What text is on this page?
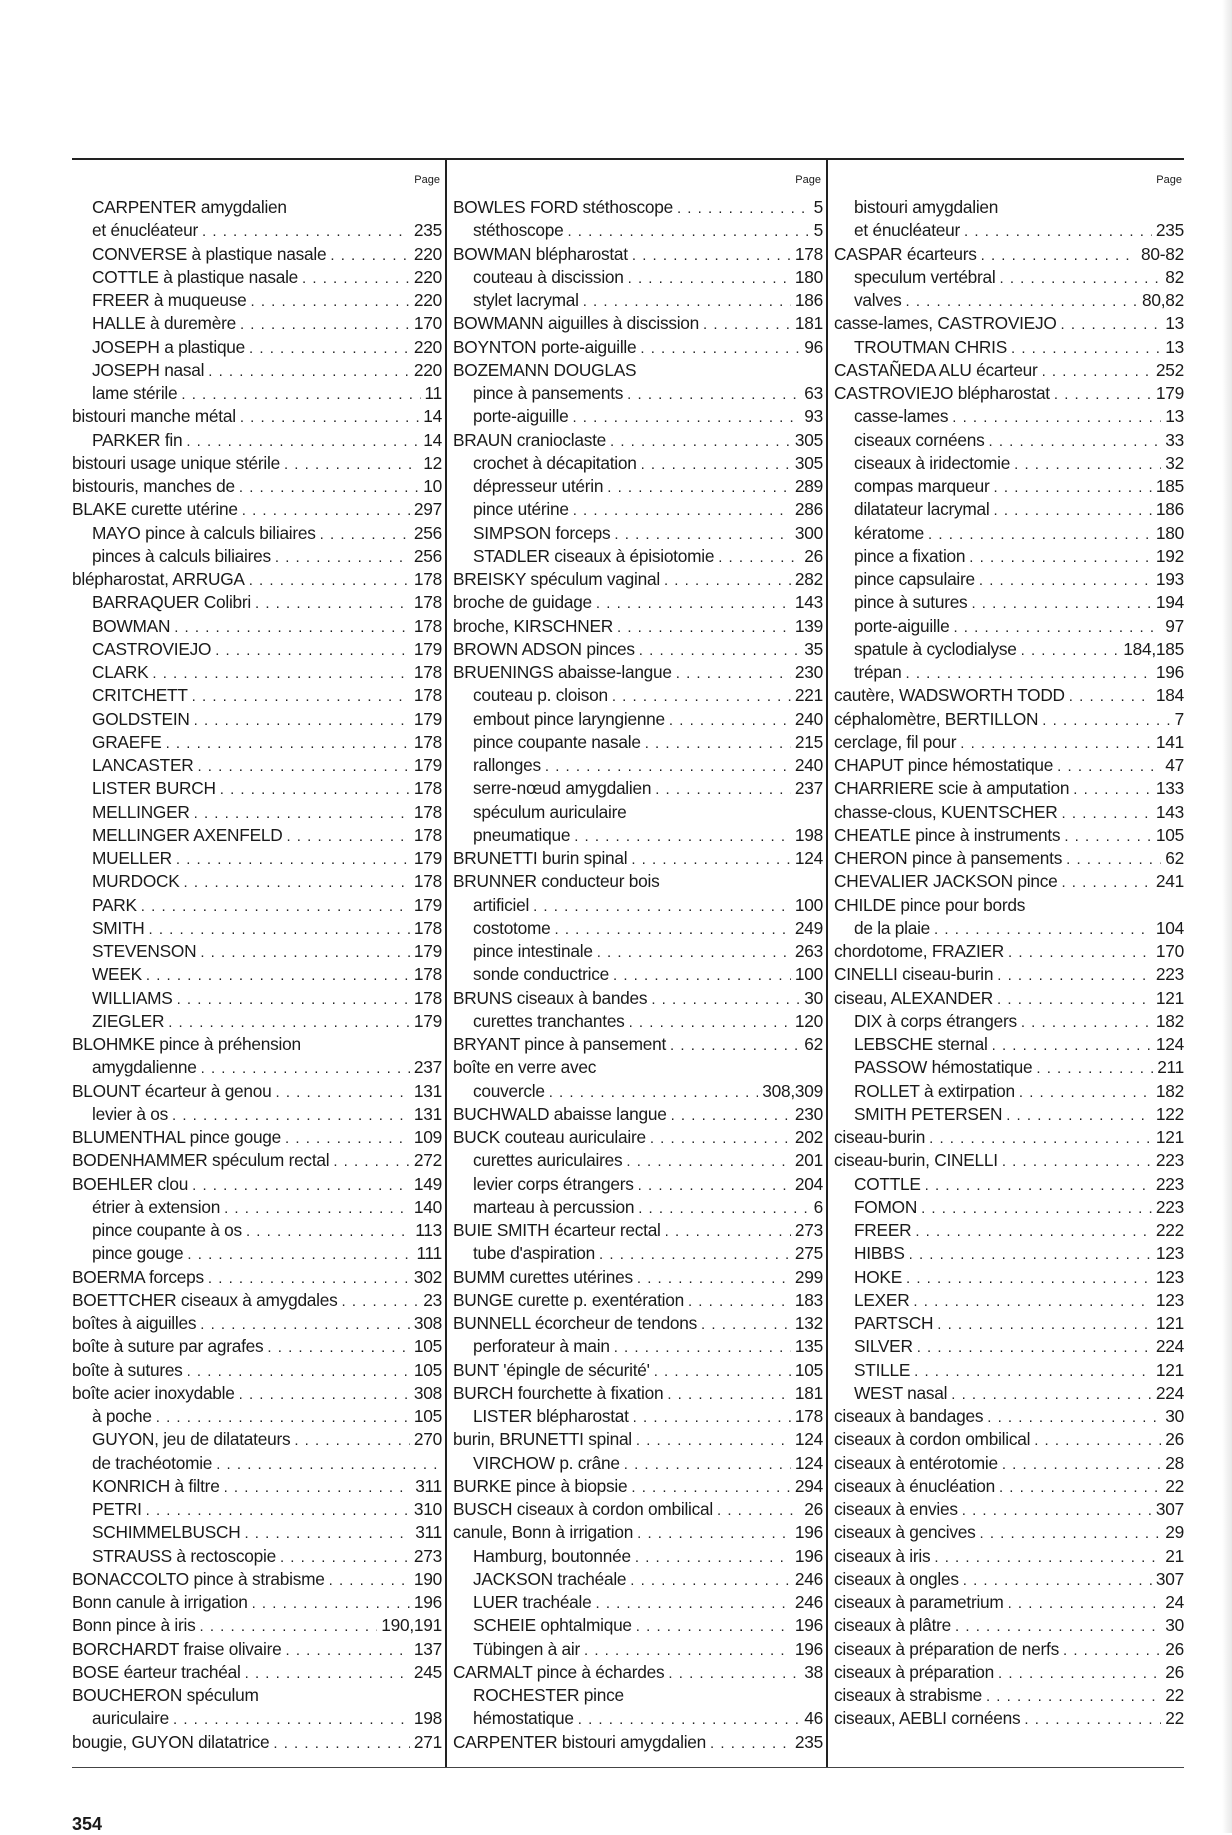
Page
CARPENTER amygdalien
et énucléateur . . .	235
CONVERSE à plastique nasale . . .	220
COTTLE à plastique nasale . . .	220
FREER à muqueuse . . .	220
HALLE à duremère . . .	170
JOSEPH a plastique . . .	220
JOSEPH nasal . . .	220
lame stérile . . .	11
bistouri manche métal . . .	14
PARKER fin . . .	14
bistouri usage unique stérile . . .	12
bistouris, manches de . . .	10
BLAKE curette utérine . . .	297
MAYO pince à calculs biliaires . . .	256
pinces à calculs biliaires . . .	256
blépharostat, ARRUGA . . .	178
BARRAQUER Colibri . . .	178
BOWMAN . . .	178
CASTROVIEJO . . .	179
CLARK . . .	178
CRITCHETT . . .	178
GOLDSTEIN . . .	179
GRAEFE . . .	178
LANCASTER . . .	179
LISTER BURCH . . .	178
MELLINGER . . .	178
MELLINGER AXENFELD . . .	178
MUELLER . . .	179
MURDOCK . . .	178
PARK . . .	179
SMITH . . .	178
STEVENSON . . .	179
WEEK . . .	178
WILLIAMS . . .	178
ZIEGLER . . .	179
BLOHMKE pince à préhension
amygdalienne . . .	237
BLOUNT écarteur à genou . . .	131
levier à os . . .	131
BLUMENTHAL pince gouge . . .	109
BODENHAMMER spéculum rectal . . .	272
BOEHLER clou . . .	149
étrier à extension . . .	140
pince coupante à os . . .	113
pince gouge . . .	111
BOERMA forceps . . .	302
BOETTCHER ciseaux à amygdales . . .	23
boîtes à aiguilles . . .	308
boîte à suture par agrafes . . .	105
boîte à sutures . . .	105
boîte acier inoxydable . . .	308
à poche . . .	105
GUYON, jeu de dilatateurs . . .	270
de trachéotomie
. . .
KONRICH à filtre . . .	311
PETRI . . .	310
SCHIMMELBUSCH . . .	311
STRAUSS à rectoscopie . . .	273
BONACCOLTO pince à strabisme . . .	190
Bonn canule à irrigation . . .	196
Bonn pince à iris . . .	190,191
BORCHARDT fraise olivaire . . .	137
BOSE éarteur trachéal . . .	245
BOUCHERON spéculum
auriculaire . . .	198
bougie, GUYON dilatatrice . . .	271
Page
BOWLES FORD stéthoscope . . .	5
stéthoscope . . .	5
BOWMAN blépharostat . . .	178
couteau à discission . . .	180
stylet lacrymal . . .	186
BOWMANN aiguilles à discission . . .	181
BOYNTON porte-aiguille . . .	96
BOZEMANN DOUGLAS
pince à pansements . . .	63
porte-aiguille . . .	93
BRAUN cranioclaste . . .	305
crochet à décapitation . . .	305
dépresseur utérin . . .	289
pince utérine . . .	286
SIMPSON forceps . . .	300
STADLER ciseaux à épisiotomie . . .	26
BREISKY spéculum vaginal . . .	282
broche de guidage . . .	143
broche, KIRSCHNER . . .	139
BROWN ADSON pinces . . .	35
BRUENINGS abaisse-langue . . .	230
couteau p. cloison . . .	221
embout pince laryngienne . . .	240
pince coupante nasale . . .	215
rallonges . . .	240
serre-nœud amygdalien . . .	237
spéculum auriculaire
pneumatique . . .	198
BRUNETTI burin spinal . . .	124
BRUNNER conducteur bois
artificiel . . .	100
costotome . . .	249
pince intestinale . . .	263
sonde conductrice . . .	100
BRUNS ciseaux à bandes . . .	30
curettes tranchantes . . .	120
BRYANT pince à pansement . . .	62
boîte en verre avec
couvercle . . .	308,309
BUCHWALD abaisse langue . . .	230
BUCK couteau auriculaire . . .	202
curettes auriculaires . . .	201
levier corps étrangers . . .	204
marteau à percussion . . .	6
BUIE SMITH écarteur rectal . . .	273
tube d'aspiration . . .	275
BUMM curettes utérines . . .	299
BUNGE curette p. exentération . . .	183
BUNNELL écorcheur de tendons . . .	132
perforateur à main . . .	135
BUNT 'épingle de sécurité' . . .	105
BURCH fourchette à fixation . . .	181
LISTER blépharostat . . .	178
burin, BRUNETTI spinal . . .	124
VIRCHOW p. crâne . . .	124
BURKE pince à biopsie . . .	294
BUSCH ciseaux à cordon ombilical . . .	26
canule, Bonn à irrigation . . .	196
Hamburg, boutonnée . . .	196
JACKSON trachéale . . .	246
LUER trachéale . . .	246
SCHEIE ophtalmique . . .	196
Tübingen à air . . .	196
CARMALT pince à échardes . . .	38
ROCHESTER pince
hémostatique . . .	46
CARPENTER bistouri amygdalien . . .	235
Page
bistouri amygdalien
et énucléateur . . .	235
CASPAR écarteurs . . .	80-82
speculum vertébral . . .	82
valves . . .	80,82
casse-lames, CASTROVIEJO . . .	13
TROUTMAN CHRIS . . .	13
CASTAÑEDA ALU écarteur . . .	252
CASTROVIEJO blépharostat . . .	179
casse-lames . . .	13
ciseaux cornéens . . .	33
ciseaux à iridectomie . . .	32
compas marqueur . . .	185
dilatateur lacrymal . . .	186
kératome . . .	180
pince a fixation . . .	192
pince capsulaire . . .	193
pince à sutures . . .	194
porte-aiguille . . .	97
spatule à cyclodialyse . . .	184,185
trépan . . .	196
cautère, WADSWORTH TODD . . .	184
céphalomètre, BERTILLON . . .	7
cerclage, fil pour . . .	141
CHAPUT pince hémostatique . . .	47
CHARRIERE scie à amputation . . .	133
chasse-clous, KUENTSCHER . . .	143
CHEATLE pince à instruments . . .	105
CHERON pince à pansements . . .	62
CHEVALIER JACKSON pince . . .	241
CHILDE pince pour bords
de la plaie . . .	104
chordotome, FRAZIER . . .	170
CINELLI ciseau-burin . . .	223
ciseau, ALEXANDER . . .	121
DIX à corps étrangers . . .	182
LEBSCHE sternal . . .	124
PASSOW hémostatique . . .	211
ROLLET à extirpation . . .	182
SMITH PETERSEN . . .	122
ciseau-burin . . .	121
ciseau-burin, CINELLI . . .	223
COTTLE . . .	223
FOMON . . .	223
FREER . . .	222
HIBBS . . .	123
HOKE . . .	123
LEXER . . .	123
PARTSCH . . .	121
SILVER . . .	224
STILLE . . .	121
WEST nasal . . .	224
ciseaux à bandages . . .	30
ciseaux à cordon ombilical . . .	26
ciseaux à entérotomie . . .	28
ciseaux à énucléation . . .	22
ciseaux à envies . . .	307
ciseaux à gencives . . .	29
ciseaux à iris . . .	21
ciseaux à ongles . . .	307
ciseaux à parametrium . . .	24
ciseaux à plâtre . . .	30
ciseaux à préparation de nerfs . . .	26
ciseaux à préparation . . .	26
ciseaux à strabisme . . .	22
ciseaux, AEBLI cornéens . . .	22
354
